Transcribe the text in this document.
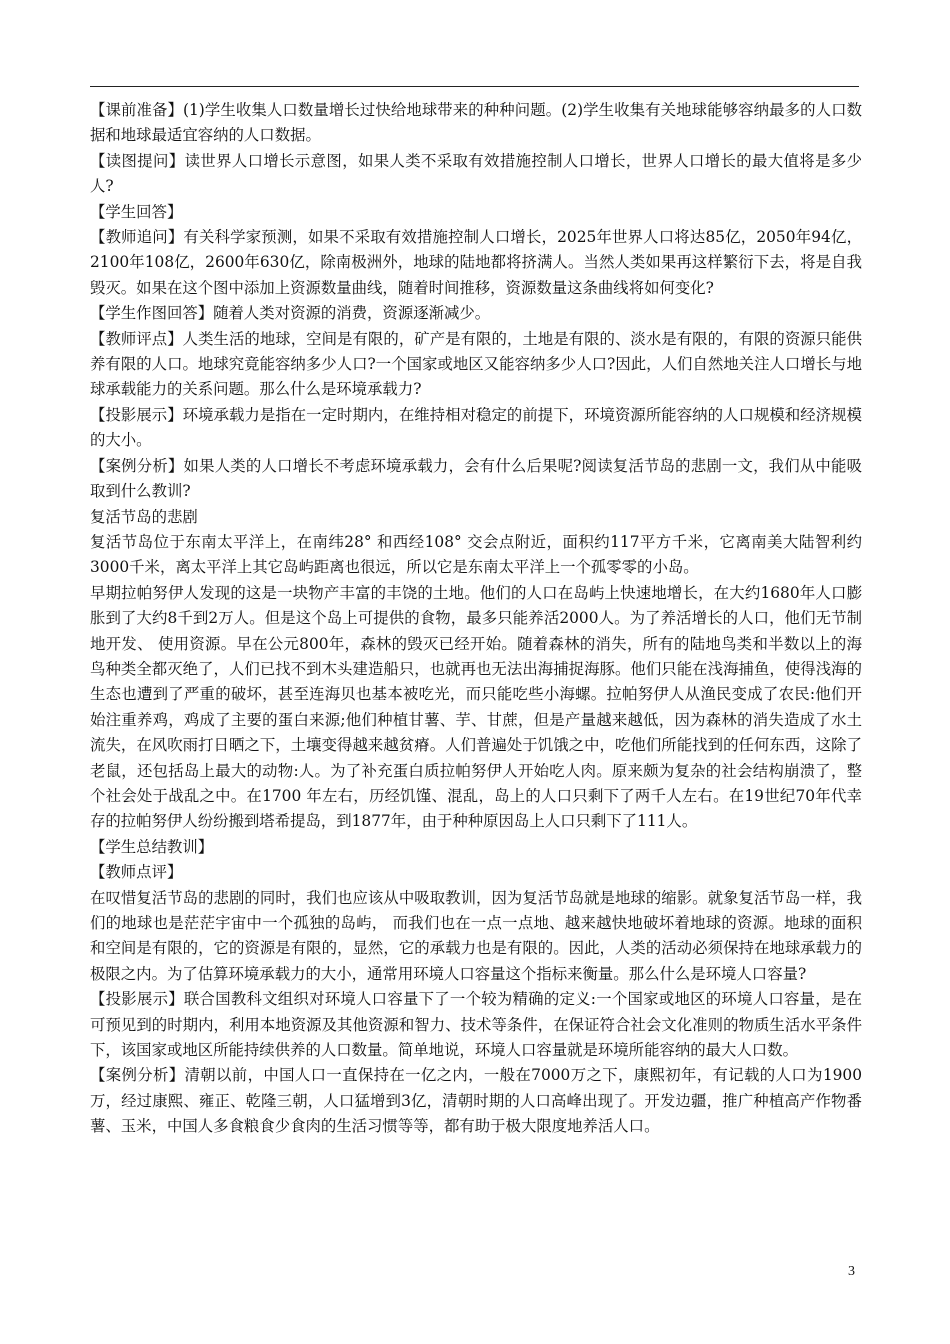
【课前准备】(1)学生收集人口数量增长过快给地球带来的种种问题。(2)学生收集有关地球能够容纳最多的人口数据和地球最适宜容纳的人口数据。

【读图提问】读世界人口增长示意图，如果人类不采取有效措施控制人口增长，世界人口增长的最大值将是多少人?

【学生回答】

【教师追问】有关科学家预测，如果不采取有效措施控制人口增长，2025年世界人口将达85亿，2050年94亿，2100年108亿，2600年630亿，除南极洲外，地球的陆地都将挤满人。当然人类如果再这样繁衍下去，将是自我毁灭。如果在这个图中添加上资源数量曲线，随着时间推移，资源数量这条曲线将如何变化?

【学生作图回答】随着人类对资源的消费，资源逐渐减少。

【教师评点】人类生活的地球，空间是有限的，矿产是有限的，土地是有限的、淡水是有限的，有限的资源只能供养有限的人口。地球究竟能容纳多少人口?一个国家或地区又能容纳多少人口?因此，人们自然地关注人口增长与地球承载能力的关系问题。那么什么是环境承载力?

【投影展示】环境承载力是指在一定时期内，在维持相对稳定的前提下，环境资源所能容纳的人口规模和经济规模的大小。

【案例分析】如果人类的人口增长不考虑环境承载力，会有什么后果呢?阅读复活节岛的悲剧一文，我们从中能吸取到什么教训?

复活节岛的悲剧

复活节岛位于东南太平洋上，在南纬28° 和西经108° 交会点附近，面积约117平方千米，它离南美大陆智利约3000千米，离太平洋上其它岛屿距离也很远，所以它是东南太平洋上一个孤零零的小岛。

早期拉帕努伊人发现的这是一块物产丰富的丰饶的土地。他们的人口在岛屿上快速地增长，在大约1680年人口膨胀到了大约8千到2万人。但是这个岛上可提供的食物，最多只能养活2000人。为了养活增长的人口，他们无节制地开发、 使用资源。早在公元800年，森林的毁灭已经开始。随着森林的消失，所有的陆地鸟类和半数以上的海鸟种类全都灭绝了，人们已找不到木头建造船只，也就再也无法出海捕捉海豚。他们只能在浅海捕鱼，使得浅海的生态也遭到了严重的破坏，甚至连海贝也基本被吃光，而只能吃些小海螺。拉帕努伊人从渔民变成了农民:他们开始注重养鸡，鸡成了主要的蛋白来源;他们种植甘薯、芋、甘蔗，但是产量越来越低，因为森林的消失造成了水土流失，在风吹雨打日晒之下，土壤变得越来越贫瘠。人们普遍处于饥饿之中，吃他们所能找到的任何东西，这除了老鼠，还包括岛上最大的动物:人。为了补充蛋白质拉帕努伊人开始吃人肉。原来颇为复杂的社会结构崩溃了，整个社会处于战乱之中。在1700 年左右，历经饥馑、混乱，岛上的人口只剩下了两千人左右。在19世纪70年代幸存的拉帕努伊人纷纷搬到塔希提岛，到1877年，由于种种原因岛上人口只剩下了111人。

【学生总结教训】

【教师点评】

在叹惜复活节岛的悲剧的同时，我们也应该从中吸取教训，因为复活节岛就是地球的缩影。就象复活节岛一样，我们的地球也是茫茫宇宙中一个孤独的岛屿， 而我们也在一点一点地、越来越快地破坏着地球的资源。地球的面积和空间是有限的，它的资源是有限的，显然，它的承载力也是有限的。因此，人类的活动必须保持在地球承载力的极限之内。为了估算环境承载力的大小，通常用环境人口容量这个指标来衡量。那么什么是环境人口容量?

【投影展示】联合国教科文组织对环境人口容量下了一个较为精确的定义:一个国家或地区的环境人口容量，是在可预见到的时期内，利用本地资源及其他资源和智力、技术等条件，在保证符合社会文化准则的物质生活水平条件下，该国家或地区所能持续供养的人口数量。简单地说，环境人口容量就是环境所能容纳的最大人口数。

【案例分析】清朝以前，中国人口一直保持在一亿之内，一般在7000万之下，康熙初年，有记载的人口为1900万，经过康熙、雍正、乾隆三朝，人口猛增到3亿，清朝时期的人口高峰出现了。开发边疆，推广种植高产作物番薯、玉米，中国人多食粮食少食肉的生活习惯等等，都有助于极大限度地养活人口。

3
